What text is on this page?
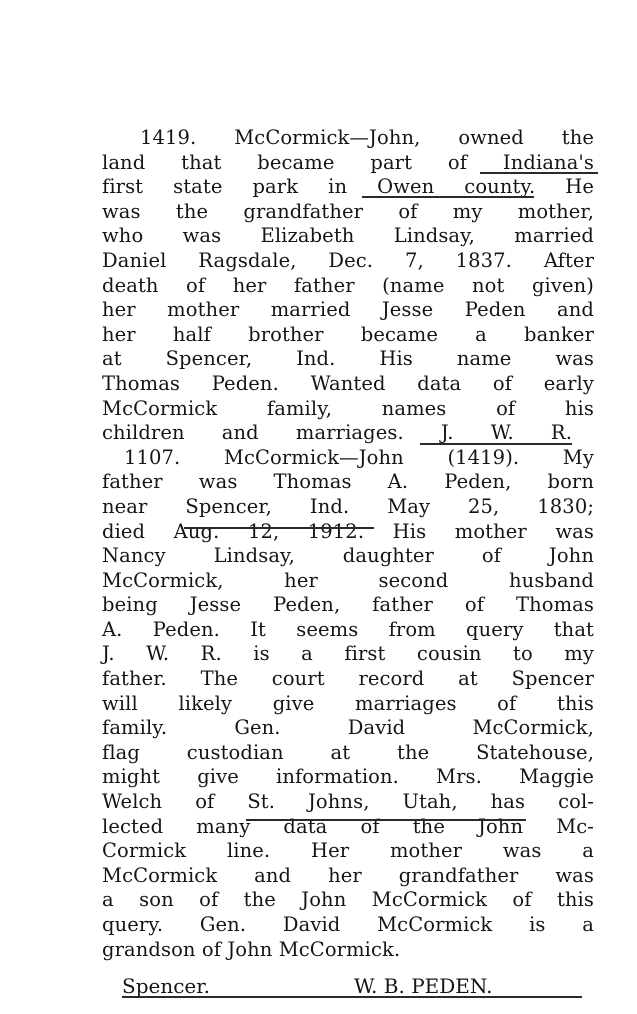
1419. McCormick—John, owned the
land that became part of Indiana's
first state park in Owen county. He
was the grandfather of my mother,
who was Elizabeth Lindsay, married
Daniel Ragsdale, Dec. 7, 1837. After
death of her father (name not given)
her mother married Jesse Peden and
her half brother became a banker
at Spencer, Ind. His name was
Thomas Peden. Wanted data of early
McCormick family, names of his
children and marriages. J. W. R.
1107. McCormick—John (1419). My
father was Thomas A. Peden, born
near Spencer, Ind. May 25, 1830;
died Aug. 12, 1912. His mother was
Nancy Lindsay, daughter of John
McCormick, her second husband
being Jesse Peden, father of Thomas
A. Peden. It seems from query that
J. W. R. is a first cousin to my
father. The court record at Spencer
will likely give marriages of this
family. Gen. David McCormick,
flag custodian at the Statehouse,
might give information. Mrs. Maggie
Welch of St. Johns, Utah, has col-
lected many data of the John Mc-
Cormick line. Her mother was a
McCormick and her grandfather was
a son of the John McCormick of this
query. Gen. David McCormick is a
grandson of John McCormick.
Spencer.	W. B. PEDEN.
